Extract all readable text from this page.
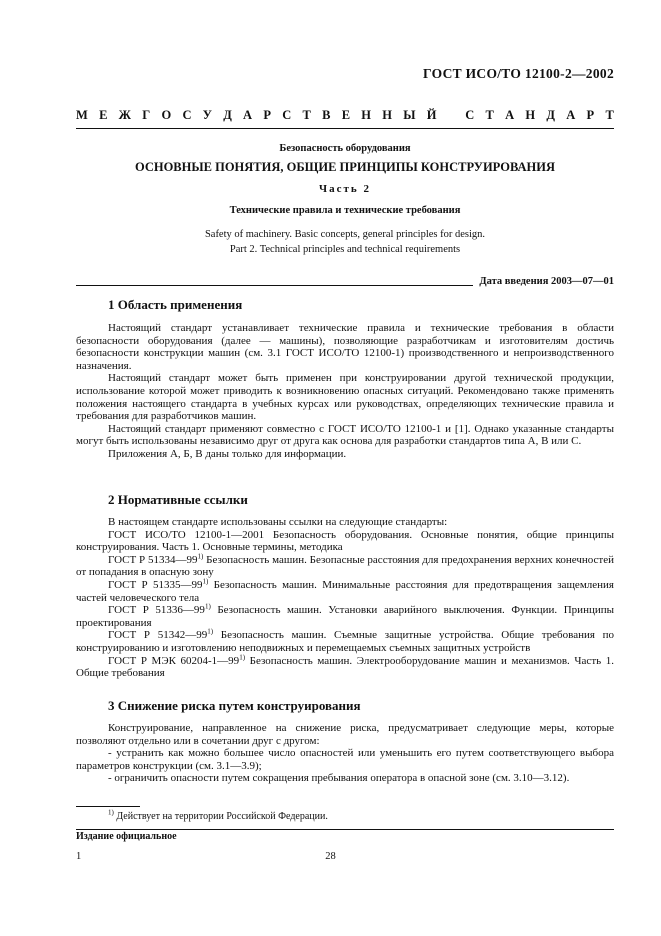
ГОСТ ИСО/ТО 12100-2—2002
М Е Ж Г О С У Д А Р С Т В Е Н Н Ы Й
С Т А Н Д А Р Т
Безопасность оборудования
ОСНОВНЫЕ ПОНЯТИЯ, ОБЩИЕ ПРИНЦИПЫ КОНСТРУИРОВАНИЯ
Часть 2
Технические правила и технические требования
Safety of machinery. Basic concepts, general principles for design.
Part 2. Technical principles and technical requirements
Дата введения 2003—07—01
1 Область применения

Настоящий стандарт устанавливает технические правила и технические требования в области безопасности оборудования (далее — машины), позволяющие разработчикам и изготовителям достичь безопасности конструкции машин (см. 3.1 ГОСТ ИСО/ТО 12100-1) производственного и непроизводственного назначения.

Настоящий стандарт может быть применен при конструировании другой технической продукции, использование которой может приводить к возникновению опасных ситуаций. Рекомендовано также применять положения настоящего стандарта в учебных курсах или руководствах, определяющих технические правила и требования для разработчиков машин.

Настоящий стандарт применяют совместно с ГОСТ ИСО/ТО 12100-1 и [1]. Однако указанные стандарты могут быть использованы независимо друг от друга как основа для разработки стандартов типа А, В или С.

Приложения А, Б, В даны только для информации.

2 Нормативные ссылки

В настоящем стандарте использованы ссылки на следующие стандарты:

ГОСТ ИСО/ТО 12100-1—2001 Безопасность оборудования. Основные понятия, общие принципы конструирования. Часть 1. Основные термины, методика

ГОСТ Р 51334—99$^{1)}$ Безопасность машин. Безопасные расстояния для предохранения верхних конечностей от попадания в опасную зону

ГОСТ Р 51335—99$^{1)}$ Безопасность машин. Минимальные расстояния для предотвращения защемления частей человеческого тела

ГОСТ Р 51336—99$^{1)}$ Безопасность машин. Установки аварийного выключения. Функции. Принципы проектирования

ГОСТ Р 51342—99$^{1)}$ Безопасность машин. Съемные защитные устройства. Общие требования по конструированию и изготовлению неподвижных и перемещаемых съемных защитных устройств

ГОСТ Р МЭК 60204-1—99$^{1)}$ Безопасность машин. Электрооборудование машин и механизмов. Часть 1. Общие требования

3 Снижение риска путем конструирования

Конструирование, направленное на снижение риска, предусматривает следующие меры, которые позволяют отдельно или в сочетании друг с другом:

- устранить как можно большее число опасностей или уменьшить его путем соответствующего выбора параметров конструкции (см. 3.1—3.9);

- ограничить опасности путем сокращения пребывания оператора в опасной зоне (см. 3.10—3.12).

$^{1)}$ Действует на территории Российской Федерации.
Издание официальное
1	28
